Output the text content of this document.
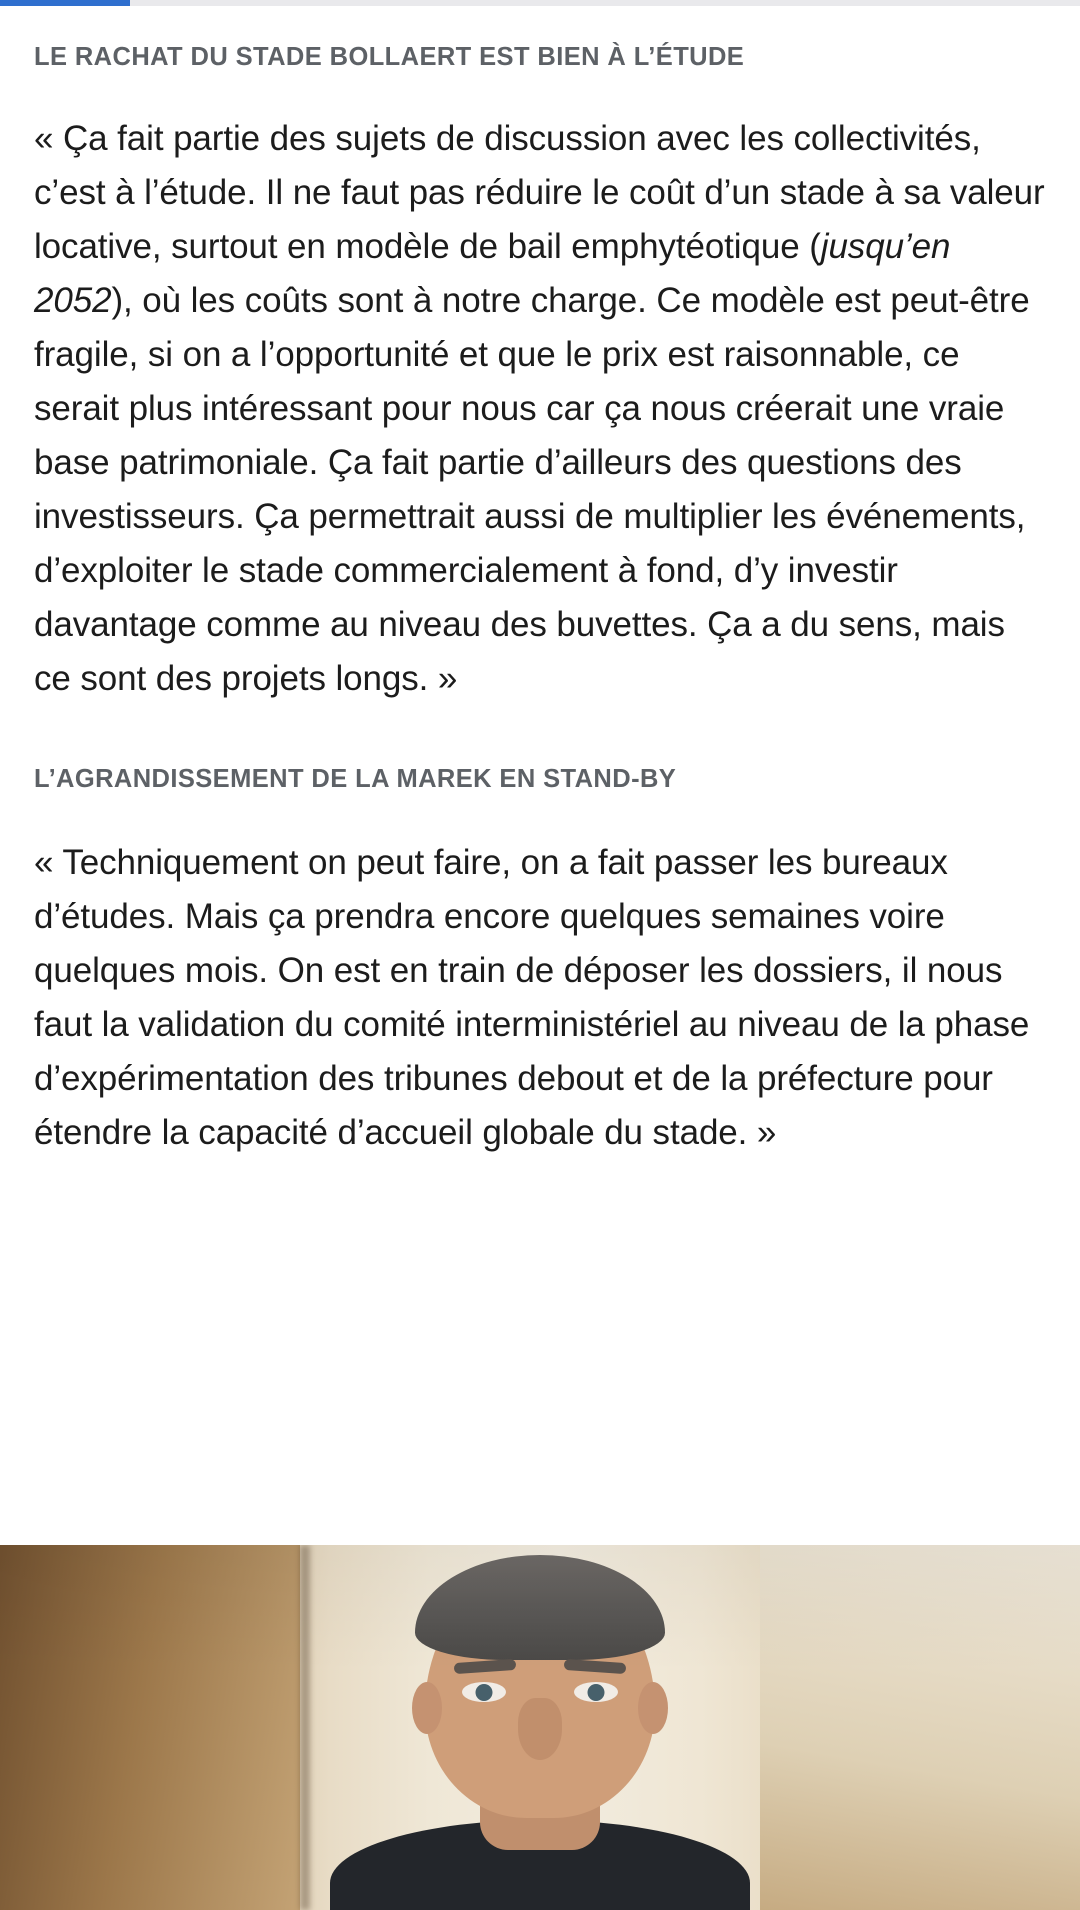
LE RACHAT DU STADE BOLLAERT EST BIEN À L’ÉTUDE

« Ça fait partie des sujets de discussion avec les collectivités, c’est à l’étude. Il ne faut pas réduire le coût d’un stade à sa valeur locative, surtout en modèle de bail emphytéotique (jusqu’en 2052), où les coûts sont à notre charge. Ce modèle est peut-être fragile, si on a l’opportunité et que le prix est raisonnable, ce serait plus intéressant pour nous car ça nous créerait une vraie base patrimoniale. Ça fait partie d’ailleurs des questions des investisseurs. Ça permettrait aussi de multiplier les événements, d’exploiter le stade commercialement à fond, d’y investir davantage comme au niveau des buvettes. Ça a du sens, mais ce sont des projets longs. »

L’AGRANDISSEMENT DE LA MAREK EN STAND-BY

« Techniquement on peut faire, on a fait passer les bureaux d’études. Mais ça prendra encore quelques semaines voire quelques mois. On est en train de déposer les dossiers, il nous faut la validation du comité interministériel au niveau de la phase d’expérimentation des tribunes debout et de la préfecture pour étendre la capacité d’accueil globale du stade. »
